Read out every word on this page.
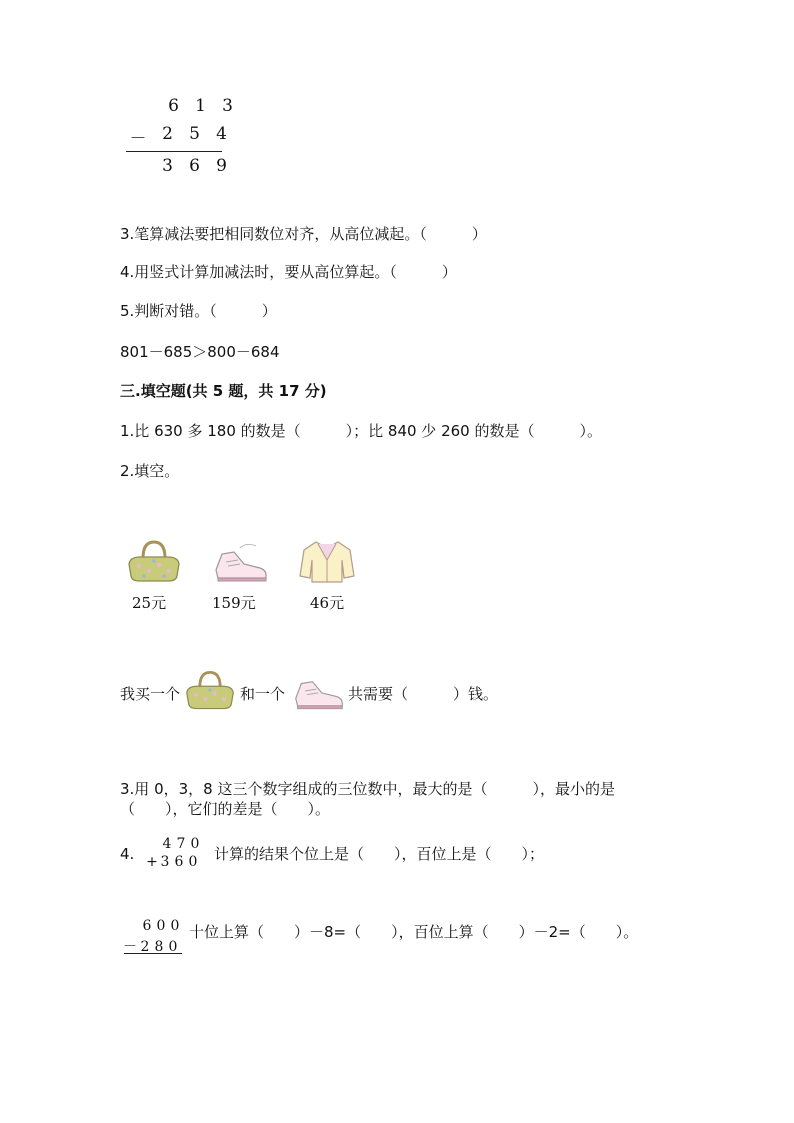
6 1 3
－ 2 5 4
3 6 9
3.笔算减法要把相同数位对齐，从高位减起。（　　　）
4.用竖式计算加减法时，要从高位算起。（　　　）
5.判断对错。（　　　）
801－685＞800－684
三.填空题(共 5 题，共 17 分)
1.比 630 多 180 的数是（　　　）；比 840 少 260 的数是（　　　）。
2.填空。
25元	159元	46元
我买一个	和一个	共需要（　　　）钱。
3.用 0，3，8 这三个数字组成的三位数中，最大的是（　　　），最小的是
（　　），它们的差是（　　）。
4.
4 7 0
+ 3 6 0 计算的结果个位上是（　　），百位上是（　　）；
6 0 0
－ 2 8 0
十位上算（　　）－8=（　　），百位上算（　　）－2=（　　）。
